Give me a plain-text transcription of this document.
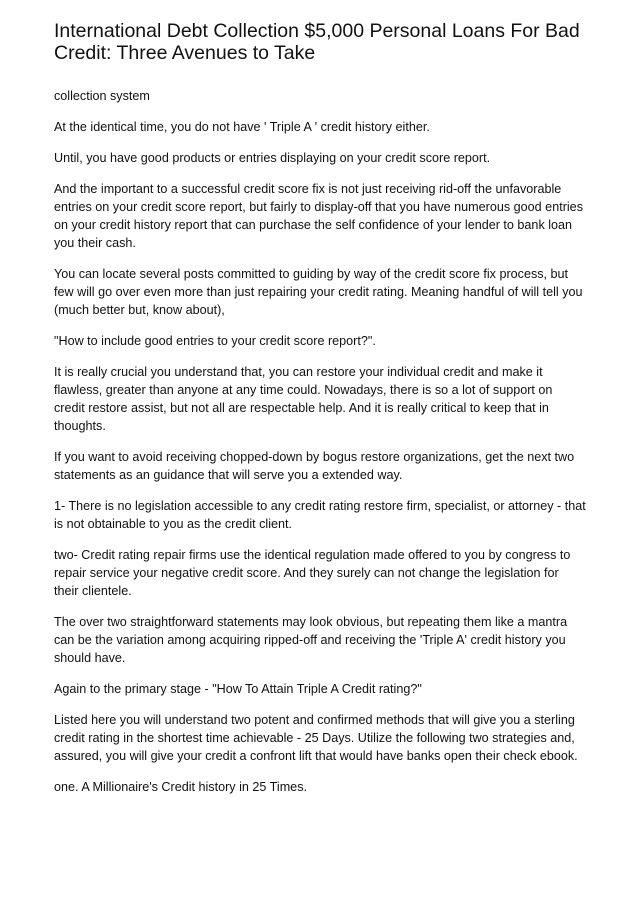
International Debt Collection $5,000 Personal Loans For Bad Credit: Three Avenues to Take

collection system

At the identical time, you do not have ' Triple A ' credit history either.

Until, you have good products or entries displaying on your credit score report.

And the important to a successful credit score fix is not just receiving rid-off the unfavorable entries on your credit score report, but fairly to display-off that you have numerous good entries on your credit history report that can purchase the self confidence of your lender to bank loan you their cash.

You can locate several posts committed to guiding by way of the credit score fix process, but few will go over even more than just repairing your credit rating. Meaning handful of will tell you (much better but, know about),

"How to include good entries to your credit score report?".

It is really crucial you understand that, you can restore your individual credit and make it flawless, greater than anyone at any time could. Nowadays, there is so a lot of support on credit restore assist, but not all are respectable help. And it is really critical to keep that in thoughts.

If you want to avoid receiving chopped-down by bogus restore organizations, get the next two statements as an guidance that will serve you a extended way.

1- There is no legislation accessible to any credit rating restore firm, specialist, or attorney - that is not obtainable to you as the credit client.

two- Credit rating repair firms use the identical regulation made offered to you by congress to repair service your negative credit score. And they surely can not change the legislation for their clientele.

The over two straightforward statements may look obvious, but repeating them like a mantra can be the variation among acquiring ripped-off and receiving the 'Triple A' credit history you should have.

Again to the primary stage - "How To Attain Triple A Credit rating?"

Listed here you will understand two potent and confirmed methods that will give you a sterling credit rating in the shortest time achievable - 25 Days. Utilize the following two strategies and, assured, you will give your credit a confront lift that would have banks open their check ebook.

one. A Millionaire's Credit history in 25 Times.
